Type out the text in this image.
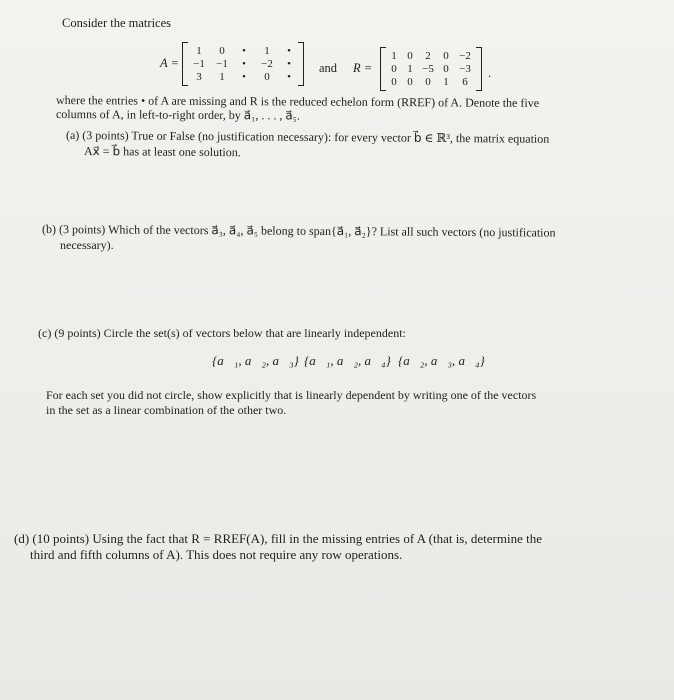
Consider the matrices
A =
1	0	•	1	•
−1	−1	•	−2	•
3	1	•	0	•
and R =
1 0	2	0 −2
0 1 −5 0 −3
0 0	0	1	6
.
where the entries • of A are missing and R is the reduced echelon form (RREF) of A. Denote the five
columns of A, in left-to-right order, by a⃗₁, . . . , a⃗₅.
(a) (3 points) True or False (no justification necessary): for every vector b⃗ ∈ ℝ³, the matrix equation
Ax⃗ = b⃗ has at least one solution.
(b) (3 points) Which of the vectors a⃗₃, a⃗₄, a⃗₅ belong to span{a⃗₁, a⃗₂}? List all such vectors (no justification
necessary).
(c) (9 points) Circle the set(s) of vectors below that are linearly independent:
{a⃗₁, a⃗₂, a⃗₃} {a⃗₁, a⃗₂, a⃗₄} {a⃗₂, a⃗₃, a⃗₄}
For each set you did not circle, show explicitly that is linearly dependent by writing one of the vectors
in the set as a linear combination of the other two.
(d) (10 points) Using the fact that R = RREF(A), fill in the missing entries of A (that is, determine the
third and fifth columns of A). This does not require any row operations.
